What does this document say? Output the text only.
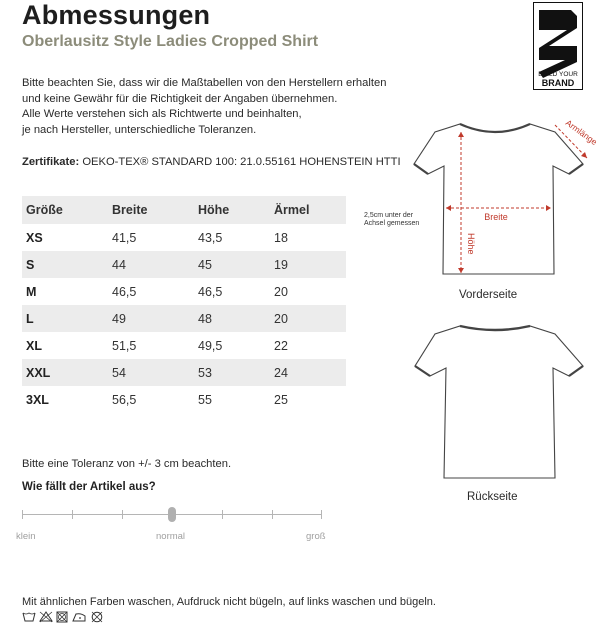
Abmessungen
Oberlausitz Style Ladies Cropped Shirt
BUILD YOUR
BRAND
Bitte beachten Sie, dass wir die Maßtabellen von den Herstellern erhalten
und keine Gewähr für die Richtigkeit der Angaben übernehmen.
Alle Werte verstehen sich als Richtwerte und beinhalten,
je nach Hersteller, unterschiedliche Toleranzen.
Zertifikate: OEKO-TEX® STANDARD 100: 21.0.55161 HOHENSTEIN HTTI
Größe	Breite	Höhe	Ärmel
XS	41,5	43,5	18
S	44	45	19
M	46,5	46,5	20
L	49	48	20
XL	51,5	49,5	22
XXL	54	53	24
3XL	56,5	55	25
Bitte eine Toleranz von +/- 3 cm beachten.
Wie fällt der Artikel aus?
klein	normal	groß
Mit ähnlichen Farben waschen, Aufdruck nicht bügeln, auf links waschen und bügeln.
Breite
Höhe
Armlänge
2,5cm unter der Achsel gemessen
Vorderseite
Rückseite
